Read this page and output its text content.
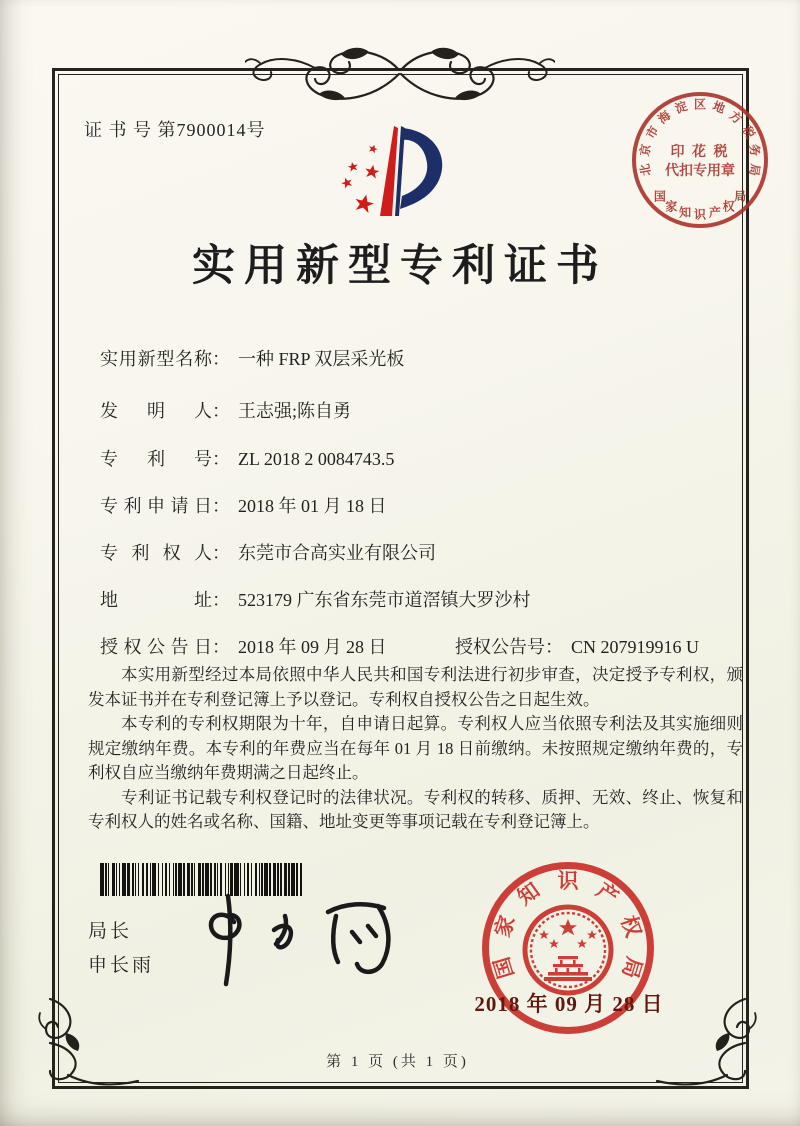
证 书 号 第7900014号
北
京
市
海
淀 区 地
方
税
务
局
国
家 知 识 产 权
局
印 花 税
代扣专用章
实用新型专利证书
实用新型名称： 一种 FRP 双层采光板
发明人： 王志强;陈自勇
专利号： ZL 2018 2 0084743.5
专利申请日： 2018 年 01 月 18 日
专利权人： 东莞市合高实业有限公司
地址： 523179 广东省东莞市道滘镇大罗沙村
授权公告日： 2018 年 09 月 28 日	授权公告号： CN 207919916 U

本实用新型经过本局依照中华人民共和国专利法进行初步审查，决定授予专利权，颁发本证书并在专利登记簿上予以登记。专利权自授权公告之日起生效。

本专利的专利权期限为十年，自申请日起算。专利权人应当依照专利法及其实施细则规定缴纳年费。本专利的年费应当在每年 01 月 18 日前缴纳。未按照规定缴纳年费的，专利权自应当缴纳年费期满之日起终止。

专利证书记载专利权登记时的法律状况。专利权的转移、质押、无效、终止、恢复和专利权人的姓名或名称、国籍、地址变更等事项记载在专利登记簿上。

局长
申长雨	国
家
知 识 产
权
局
2018 年 09 月 28 日
第 1 页 (共 1 页)
